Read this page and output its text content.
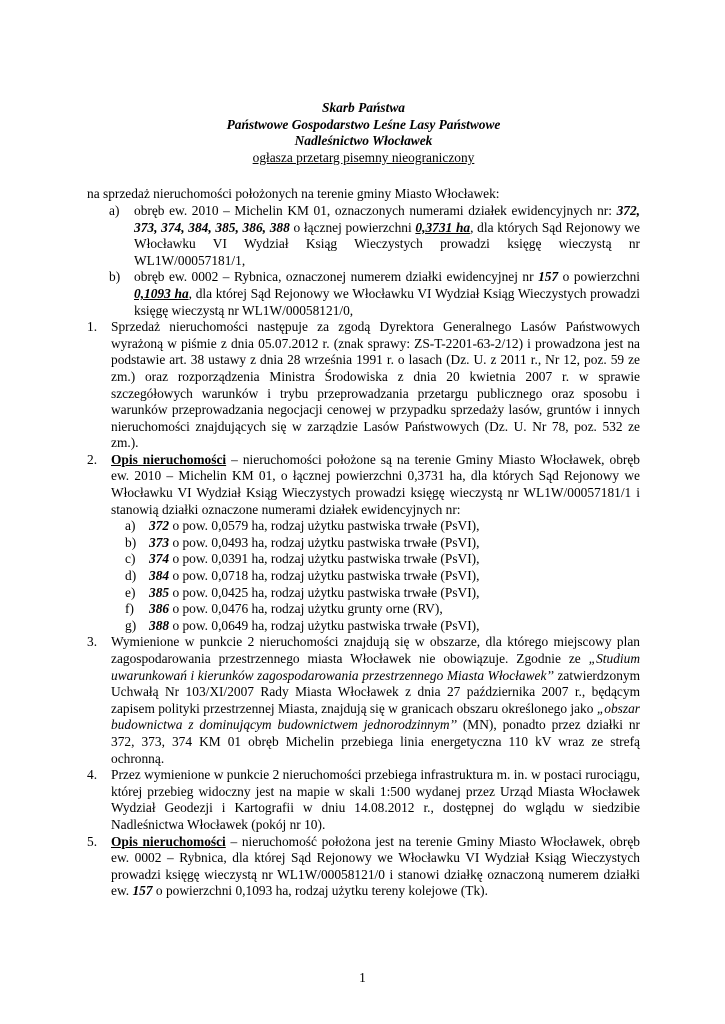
Skarb Państwa
Państwowe Gospodarstwo Leśne Lasy Państwowe
Nadleśnictwo Włocławek
ogłasza przetarg pisemny nieograniczony
na sprzedaż nieruchomości położonych na terenie gminy Miasto Włocławek:
a) obręb ew. 2010 – Michelin KM 01, oznaczonych numerami działek ewidencyjnych nr: 372, 373, 374, 384, 385, 386, 388 o łącznej powierzchni 0,3731 ha, dla których Sąd Rejonowy we Włocławku VI Wydział Ksiąg Wieczystych prowadzi księgę wieczystą nr WL1W/00057181/1,
b) obręb ew. 0002 – Rybnica, oznaczonej numerem działki ewidencyjnej nr 157 o powierzchni 0,1093 ha, dla której Sąd Rejonowy we Włocławku VI Wydział Ksiąg Wieczystych prowadzi księgę wieczystą nr WL1W/00058121/0,
1. Sprzedaż nieruchomości następuje za zgodą Dyrektora Generalnego Lasów Państwowych wyrażoną w piśmie z dnia 05.07.2012 r. (znak sprawy: ZS-T-2201-63-2/12) i prowadzona jest na podstawie art. 38 ustawy z dnia 28 września 1991 r. o lasach (Dz. U. z 2011 r., Nr 12, poz. 59 ze zm.) oraz rozporządzenia Ministra Środowiska z dnia 20 kwietnia 2007 r. w sprawie szczegółowych warunków i trybu przeprowadzania przetargu publicznego oraz sposobu i warunków przeprowadzania negocjacji cenowej w przypadku sprzedaży lasów, gruntów i innych nieruchomości znajdujących się w zarządzie Lasów Państwowych (Dz. U. Nr 78, poz. 532 ze zm.).
2. Opis nieruchomości – nieruchomości położone są na terenie Gminy Miasto Włocławek, obręb ew. 2010 – Michelin KM 01, o łącznej powierzchni 0,3731 ha, dla których Sąd Rejonowy we Włocławku VI Wydział Ksiąg Wieczystych prowadzi księgę wieczystą nr WL1W/00057181/1 i stanowią działki oznaczone numerami działek ewidencyjnych nr:
a) 372 o pow. 0,0579 ha, rodzaj użytku pastwiska trwałe (PsVI),
b) 373 o pow. 0,0493 ha, rodzaj użytku pastwiska trwałe (PsVI),
c) 374 o pow. 0,0391 ha, rodzaj użytku pastwiska trwałe (PsVI),
d) 384 o pow. 0,0718 ha, rodzaj użytku pastwiska trwałe (PsVI),
e) 385 o pow. 0,0425 ha, rodzaj użytku pastwiska trwałe (PsVI),
f) 386 o pow. 0,0476 ha, rodzaj użytku grunty orne (RV),
g) 388 o pow. 0,0649 ha, rodzaj użytku pastwiska trwałe (PsVI),
3. Wymienione w punkcie 2 nieruchomości znajdują się w obszarze, dla którego miejscowy plan zagospodarowania przestrzennego miasta Włocławek nie obowiązuje. Zgodnie ze „Studium uwarunkowań i kierunków zagospodarowania przestrzennego Miasta Włocławek’’ zatwierdzonym Uchwałą Nr 103/XI/2007 Rady Miasta Włocławek z dnia 27 października 2007 r., będącym zapisem polityki przestrzennej Miasta, znajdują się w granicach obszaru określonego jako „obszar budownictwa z dominującym budownictwem jednorodzinnym’’ (MN), ponadto przez działki nr 372, 373, 374 KM 01 obręb Michelin przebiega linia energetyczna 110 kV wraz ze strefą ochronną.
4. Przez wymienione w punkcie 2 nieruchomości przebiega infrastruktura m. in. w postaci rurociągu, której przebieg widoczny jest na mapie w skali 1:500 wydanej przez Urząd Miasta Włocławek Wydział Geodezji i Kartografii w dniu 14.08.2012 r., dostępnej do wglądu w siedzibie Nadleśnictwa Włocławek (pokój nr 10).
5. Opis nieruchomości – nieruchomość położona jest na terenie Gminy Miasto Włocławek, obręb ew. 0002 – Rybnica, dla której Sąd Rejonowy we Włocławku VI Wydział Ksiąg Wieczystych prowadzi księgę wieczystą nr WL1W/00058121/0 i stanowi działkę oznaczoną numerem działki ew. 157 o powierzchni 0,1093 ha, rodzaj użytku tereny kolejowe (Tk).
1
